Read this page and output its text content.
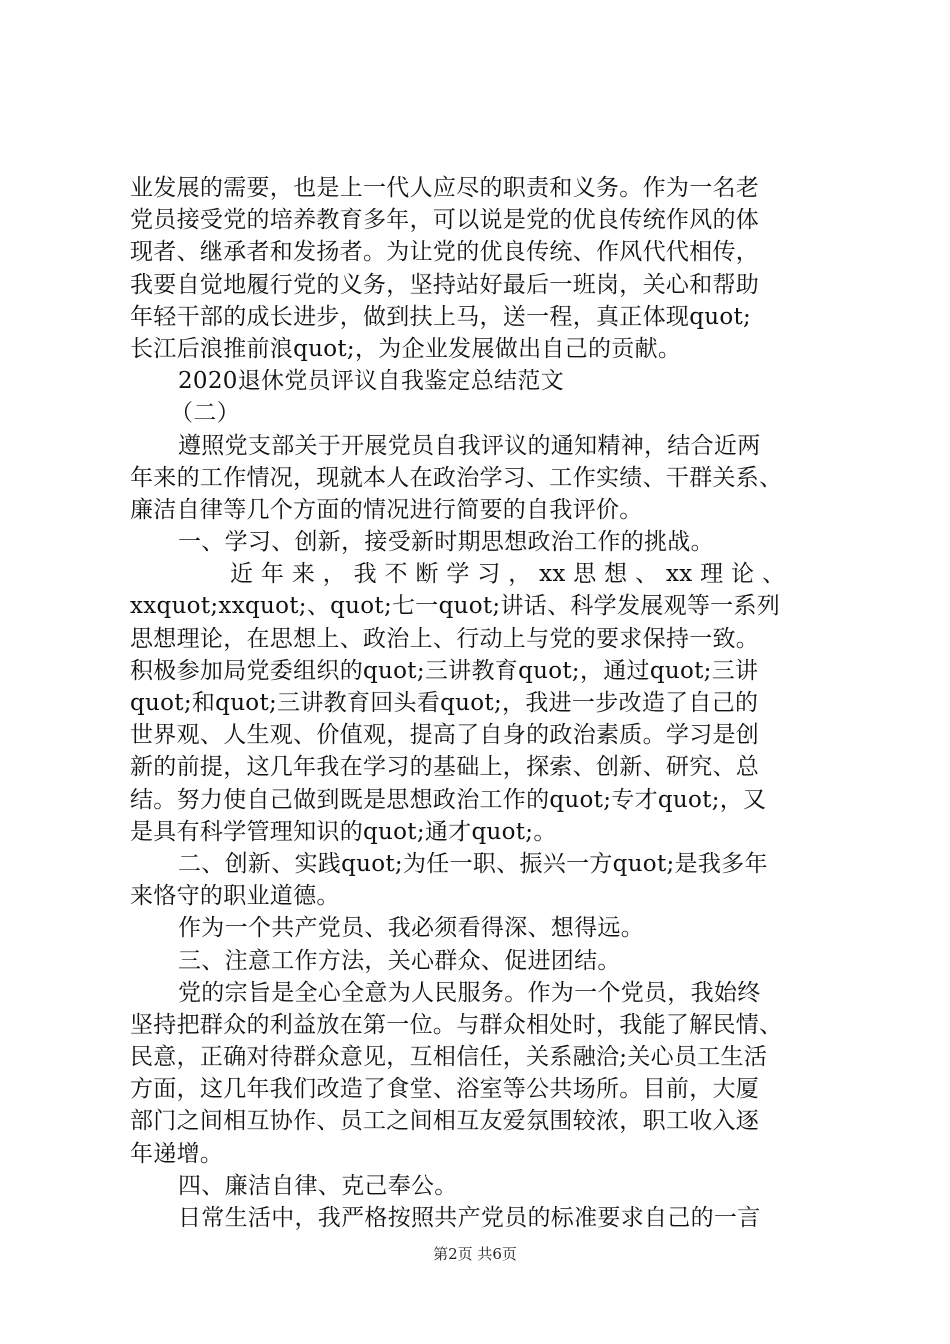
业发展的需要，也是上一代人应尽的职责和义务。作为一名老
党员接受党的培养教育多年，可以说是党的优良传统作风的体
现者、继承者和发扬者。为让党的优良传统、作风代代相传，
我要自觉地履行党的义务，坚持站好最后一班岗，关心和帮助
年轻干部的成长进步，做到扶上马，送一程，真正体现quot;
长江后浪推前浪quot;，为企业发展做出自己的贡献。
2020退休党员评议自我鉴定总结范文
（二）
遵照党支部关于开展党员自我评议的通知精神，结合近两
年来的工作情况，现就本人在政治学习、工作实绩、干群关系、
廉洁自律等几个方面的情况进行简要的自我评价。
一、学习、创新，接受新时期思想政治工作的挑战。
近 年 来 ， 我 不 断 学 习 ， xx 思 想 、 xx 理 论 、
xxquot;xxquot;、quot;七一quot;讲话、科学发展观等一系列
思想理论，在思想上、政治上、行动上与党的要求保持一致。
积极参加局党委组织的quot;三讲教育quot;，通过quot;三讲
quot;和quot;三讲教育回头看quot;，我进一步改造了自己的
世界观、人生观、价值观，提高了自身的政治素质。学习是创
新的前提，这几年我在学习的基础上，探索、创新、研究、总
结。努力使自己做到既是思想政治工作的quot;专才quot;，又
是具有科学管理知识的quot;通才quot;。
二、创新、实践quot;为任一职、振兴一方quot;是我多年
来恪守的职业道德。
作为一个共产党员、我必须看得深、想得远。
三、注意工作方法，关心群众、促进团结。
党的宗旨是全心全意为人民服务。作为一个党员，我始终
坚持把群众的利益放在第一位。与群众相处时，我能了解民情、
民意，正确对待群众意见，互相信任，关系融洽;关心员工生活
方面，这几年我们改造了食堂、浴室等公共场所。目前，大厦
部门之间相互协作、员工之间相互友爱氛围较浓，职工收入逐
年递增。
四、廉洁自律、克己奉公。
日常生活中，我严格按照共产党员的标准要求自己的一言
第2页 共6页
